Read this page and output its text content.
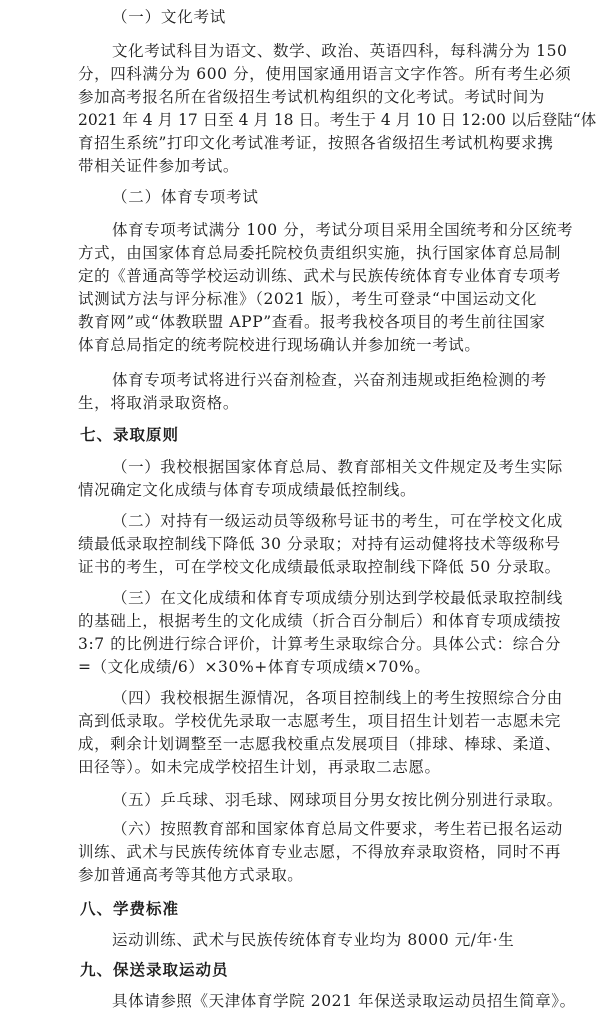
（一）文化考试
文化考试科目为语文、数学、政治、英语四科，每科满分为 150
分，四科满分为 600 分，使用国家通用语言文字作答。所有考生必须
参加高考报名所在省级招生考试机构组织的文化考试。考试时间为
2021 年 4 月 17 日至 4 月 18 日。考生于 4 月 10 日 12:00 以后登陆“体
育招生系统”打印文化考试准考证，按照各省级招生考试机构要求携
带相关证件参加考试。
（二）体育专项考试
体育专项考试满分 100 分，考试分项目采用全国统考和分区统考
方式，由国家体育总局委托院校负责组织实施，执行国家体育总局制
定的《普通高等学校运动训练、武术与民族传统体育专业体育专项考
试测试方法与评分标准》（2021 版），考生可登录“中国运动文化
教育网”或“体教联盟 APP”查看。报考我校各项目的考生前往国家
体育总局指定的统考院校进行现场确认并参加统一考试。
体育专项考试将进行兴奋剂检查，兴奋剂违规或拒绝检测的考
生，将取消录取资格。
七、录取原则
（一）我校根据国家体育总局、教育部相关文件规定及考生实际
情况确定文化成绩与体育专项成绩最低控制线。
（二）对持有一级运动员等级称号证书的考生，可在学校文化成
绩最低录取控制线下降低 30 分录取；对持有运动健将技术等级称号
证书的考生，可在学校文化成绩最低录取控制线下降低 50 分录取。
（三）在文化成绩和体育专项成绩分别达到学校最低录取控制线
的基础上，根据考生的文化成绩（折合百分制后）和体育专项成绩按
3:7 的比例进行综合评价，计算考生录取综合分。具体公式：综合分
=（文化成绩/6）×30%+体育专项成绩×70%。
（四）我校根据生源情况，各项目控制线上的考生按照综合分由
高到低录取。学校优先录取一志愿考生，项目招生计划若一志愿未完
成，剩余计划调整至一志愿我校重点发展项目（排球、棒球、柔道、
田径等）。如未完成学校招生计划，再录取二志愿。
（五）乒乓球、羽毛球、网球项目分男女按比例分别进行录取。
（六）按照教育部和国家体育总局文件要求，考生若已报名运动
训练、武术与民族传统体育专业志愿，不得放弃录取资格，同时不再
参加普通高考等其他方式录取。
八、学费标准
运动训练、武术与民族传统体育专业均为 8000 元/年·生
九、保送录取运动员
具体请参照《天津体育学院 2021 年保送录取运动员招生简章》。
